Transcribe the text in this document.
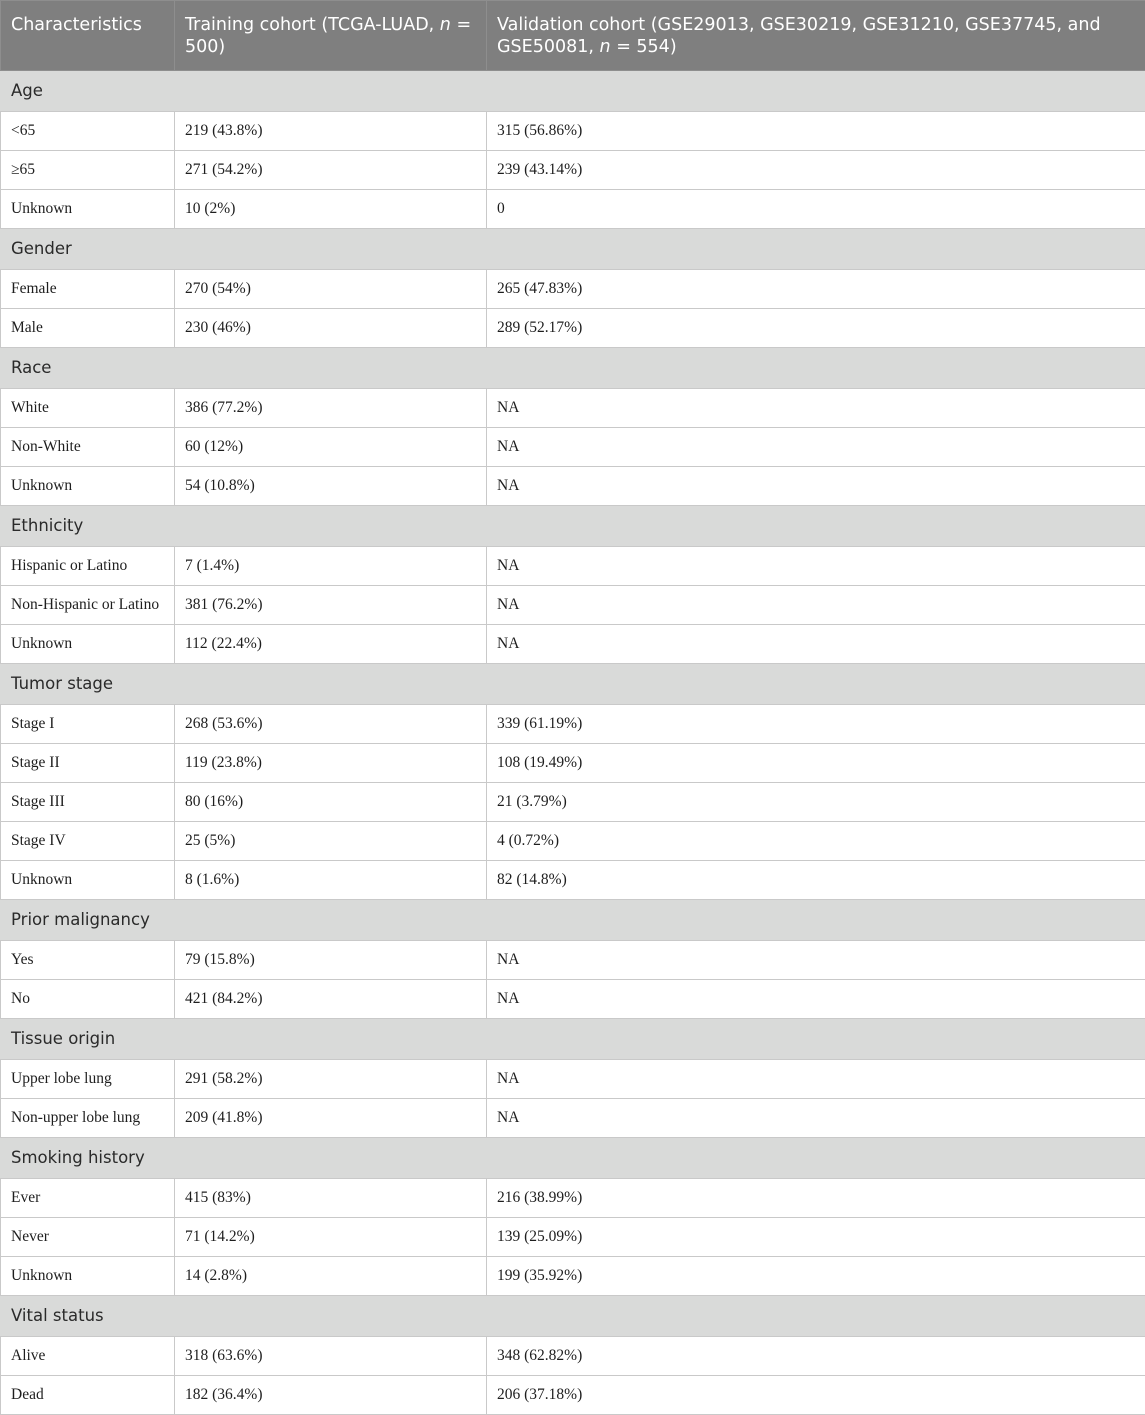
Characteristics	Training cohort (TCGA-LUAD, n = 500)	Validation cohort (GSE29013, GSE30219, GSE31210, GSE37745, and GSE50081, n = 554)
Age		
<65	219 (43.8%)	315 (56.86%)
≥65	271 (54.2%)	239 (43.14%)
Unknown	10 (2%)	0
Gender		
Female	270 (54%)	265 (47.83%)
Male	230 (46%)	289 (52.17%)
Race		
White	386 (77.2%)	NA
Non-White	60 (12%)	NA
Unknown	54 (10.8%)	NA
Ethnicity		
Hispanic or Latino	7 (1.4%)	NA
Non-Hispanic or Latino	381 (76.2%)	NA
Unknown	112 (22.4%)	NA
Tumor stage		
Stage I	268 (53.6%)	339 (61.19%)
Stage II	119 (23.8%)	108 (19.49%)
Stage III	80 (16%)	21 (3.79%)
Stage IV	25 (5%)	4 (0.72%)
Unknown	8 (1.6%)	82 (14.8%)
Prior malignancy		
Yes	79 (15.8%)	NA
No	421 (84.2%)	NA
Tissue origin		
Upper lobe lung	291 (58.2%)	NA
Non-upper lobe lung	209 (41.8%)	NA
Smoking history		
Ever	415 (83%)	216 (38.99%)
Never	71 (14.2%)	139 (25.09%)
Unknown	14 (2.8%)	199 (35.92%)
Vital status		
Alive	318 (63.6%)	348 (62.82%)
Dead	182 (36.4%)	206 (37.18%)
